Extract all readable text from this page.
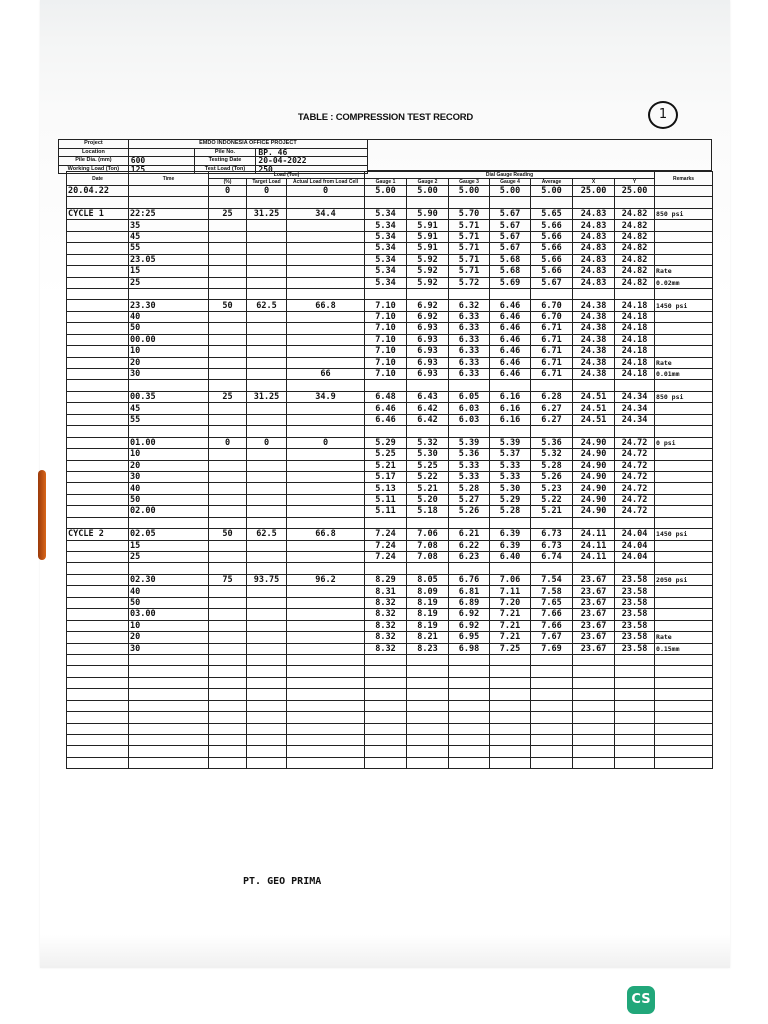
1
TABLE : COMPRESSION TEST RECORD
Project	EMDO INDONESIA OFFICE PROJECT		
Location		Pile No.	BP. 46
Pile Dia. (mm)	600	Testing Date	20-04-2022
Working Load (Ton)	125	Test Load (Ton)	250
Date	Time	Load (Ton)			Dial Gauge Reading							Remarks
		(%)	Target Load	Actual Load from Load Cell	Gauge 1	Gauge 2	Gauge 3	Gauge 4	Average	X	Y	
20.04.22		0	0	0	5.00	5.00	5.00	5.00	5.00	25.00	25.00	

CYCLE 1	22:25	25	31.25	34.4	5.34	5.90	5.70	5.67	5.65	24.83	24.82	850 psi
	35				5.34	5.91	5.71	5.67	5.66	24.83	24.82	
	45				5.34	5.91	5.71	5.67	5.66	24.83	24.82	
	55				5.34	5.91	5.71	5.67	5.66	24.83	24.82	
	23.05				5.34	5.92	5.71	5.68	5.66	24.83	24.82	
	15				5.34	5.92	5.71	5.68	5.66	24.83	24.82	Rate
	25				5.34	5.92	5.72	5.69	5.67	24.83	24.82	0.02mm

	23.30	50	62.5	66.8	7.10	6.92	6.32	6.46	6.70	24.38	24.18	1450 psi
	40				7.10	6.92	6.33	6.46	6.70	24.38	24.18	
	50				7.10	6.93	6.33	6.46	6.71	24.38	24.18	
	00.00				7.10	6.93	6.33	6.46	6.71	24.38	24.18	
	10				7.10	6.93	6.33	6.46	6.71	24.38	24.18	
	20				7.10	6.93	6.33	6.46	6.71	24.38	24.18	Rate
	30			66	7.10	6.93	6.33	6.46	6.71	24.38	24.18	0.01mm

	00.35	25	31.25	34.9	6.48	6.43	6.05	6.16	6.28	24.51	24.34	850 psi
	45				6.46	6.42	6.03	6.16	6.27	24.51	24.34	
	55				6.46	6.42	6.03	6.16	6.27	24.51	24.34	

	01.00	0	0	0	5.29	5.32	5.39	5.39	5.36	24.90	24.72	0 psi
	10				5.25	5.30	5.36	5.37	5.32	24.90	24.72	
	20				5.21	5.25	5.33	5.33	5.28	24.90	24.72	
	30				5.17	5.22	5.33	5.33	5.26	24.90	24.72	
	40				5.13	5.21	5.28	5.30	5.23	24.90	24.72	
	50				5.11	5.20	5.27	5.29	5.22	24.90	24.72	
	02.00				5.11	5.18	5.26	5.28	5.21	24.90	24.72	

CYCLE 2	02.05	50	62.5	66.8	7.24	7.06	6.21	6.39	6.73	24.11	24.04	1450 psi
	15				7.24	7.08	6.22	6.39	6.73	24.11	24.04	
	25				7.24	7.08	6.23	6.40	6.74	24.11	24.04	

	02.30	75	93.75	96.2	8.29	8.05	6.76	7.06	7.54	23.67	23.58	2050 psi
	40				8.31	8.09	6.81	7.11	7.58	23.67	23.58	
	50				8.32	8.19	6.89	7.20	7.65	23.67	23.58	
	03.00				8.32	8.19	6.92	7.21	7.66	23.67	23.58	
	10				8.32	8.19	6.92	7.21	7.66	23.67	23.58	
	20				8.32	8.21	6.95	7.21	7.67	23.67	23.58	Rate
	30				8.32	8.23	6.98	7.25	7.69	23.67	23.58	0.15mm

PT. GEO PRIMA
CS
